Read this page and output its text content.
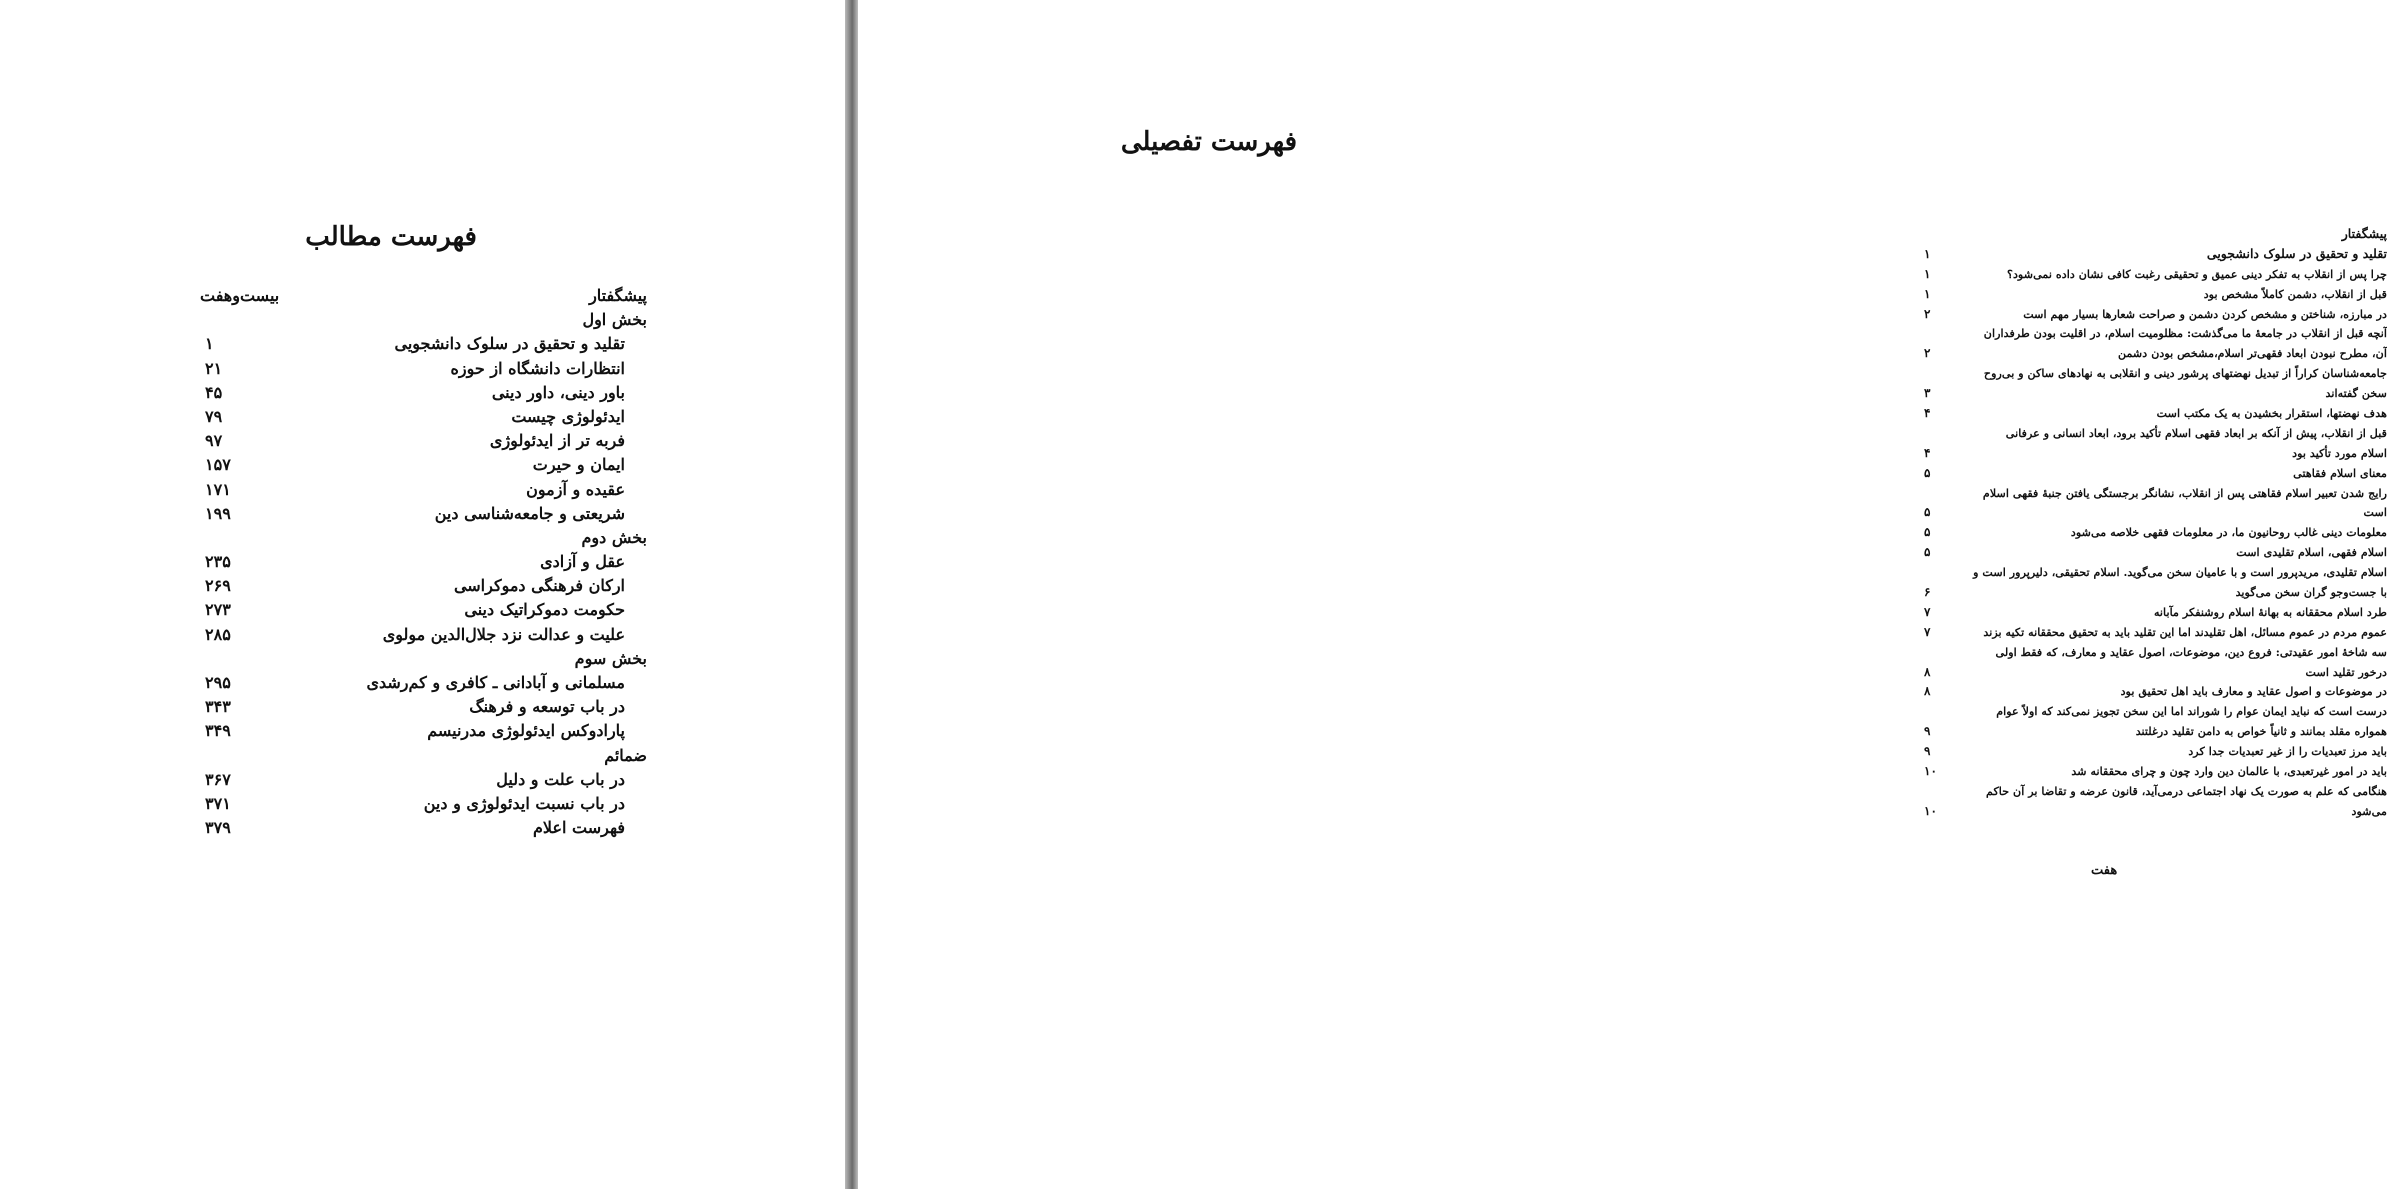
فهرست مطالب
پیشگفتار
بیست‌وهفت
بخش اول
تقلید و تحقیق در سلوک دانشجویی
۱
انتظارات دانشگاه از حوزه
۲۱
باور دینی، داور دینی
۴۵
ایدئولوژی چیست
۷۹
فربه تر از ایدئولوژی
۹۷
ایمان و حیرت
۱۵۷
عقیده و آزمون
۱۷۱
شریعتی و جامعه‌شناسی دین
۱۹۹
بخش دوم
عقل و آزادی
۲۳۵
ارکان فرهنگی دموکراسی
۲۶۹
حکومت دموکراتیک دینی
۲۷۳
علیت و عدالت نزد جلال‌الدین مولوی
۲۸۵
بخش سوم
مسلمانی و آبادانی ـ کافری و کم‌رشدی
۲۹۵
در باب توسعه و فرهنگ
۳۴۳
پارادوکس ایدئولوژی مدرنیسم
۳۴۹
ضمائم
در باب علت و دلیل
۳۶۷
در باب نسبت ایدئولوژی و دین
۳۷۱
فهرست اعلام
۳۷۹
فهرست تفصیلی
پیشگفتار
تقلید و تحقیق در سلوک دانشجویی
۱
چرا پس از انقلاب به تفکر دینی عمیق و تحقیقی رغبت کافی نشان داده نمی‌شود؟
۱
قبل از انقلاب، دشمن کاملاً مشخص بود
۱
در مبارزه، شناختن و مشخص کردن دشمن و صراحت شعارها بسیار مهم است
۲
آنچه قبل از انقلاب در جامعهٔ ما می‌گذشت: مظلومیت اسلام، در اقلیت بودن طرفداران
آن، مطرح نبودن ابعاد فقهی‌تر اسلام،مشخص بودن دشمن
۲
جامعه‌شناسان کراراً از تبدیل نهضتهای پرشور دینی و انقلابی به نهادهای ساکن و بی‌روح
سخن گفته‌اند
۳
هدف نهضتها، استقرار بخشیدن به یک مکتب است
۴
قبل از انقلاب، پیش از آنکه بر ابعاد فقهی اسلام تأکید برود، ابعاد انسانی و عرفانی
اسلام مورد تأکید بود
۴
معنای اسلام فقاهتی
۵
رایج شدن تعبیر اسلام فقاهتی پس از انقلاب، نشانگر برجستگی یافتن جنبهٔ فقهی اسلام
است
۵
معلومات دینی غالب روحانیون ما، در معلومات فقهی خلاصه می‌شود
۵
اسلام فقهی، اسلام تقلیدی است
۵
اسلام تقلیدی، مریدپرور است و با عامیان سخن می‌گوید. اسلام تحقیقی، دلیرپرور است و
با جست‌وجو گران سخن می‌گوید
۶
طرد اسلام محققانه به بهانهٔ اسلام روشنفکر مآبانه
۷
عموم مردم در عموم مسائل، اهل تقلیدند اما این تقلید باید به تحقیق محققانه تکیه بزند
۷
سه شاخهٔ امور عقیدتی: فروع دین، موضوعات، اصول عقاید و معارف، که فقط اولی
درخور تقلید است
۸
در موضوعات و اصول عقاید و معارف باید اهل تحقیق بود
۸
درست است که نباید ایمان عوام را شوراند اما این سخن تجویز نمی‌کند که اولاً عوام
همواره مقلد بمانند و ثانیاً خواص به دامن تقلید درغلتند
۹
باید مرز تعبدیات را از غیر تعبدیات جدا کرد
۹
باید در امور غیرتعبدی، با عالمان دین وارد چون و چرای محققانه شد
۱۰
هنگامی که علم به صورت یک نهاد اجتماعی درمی‌آید، قانون عرضه و تقاضا بر آن حاکم
می‌شود
۱۰
هفت
